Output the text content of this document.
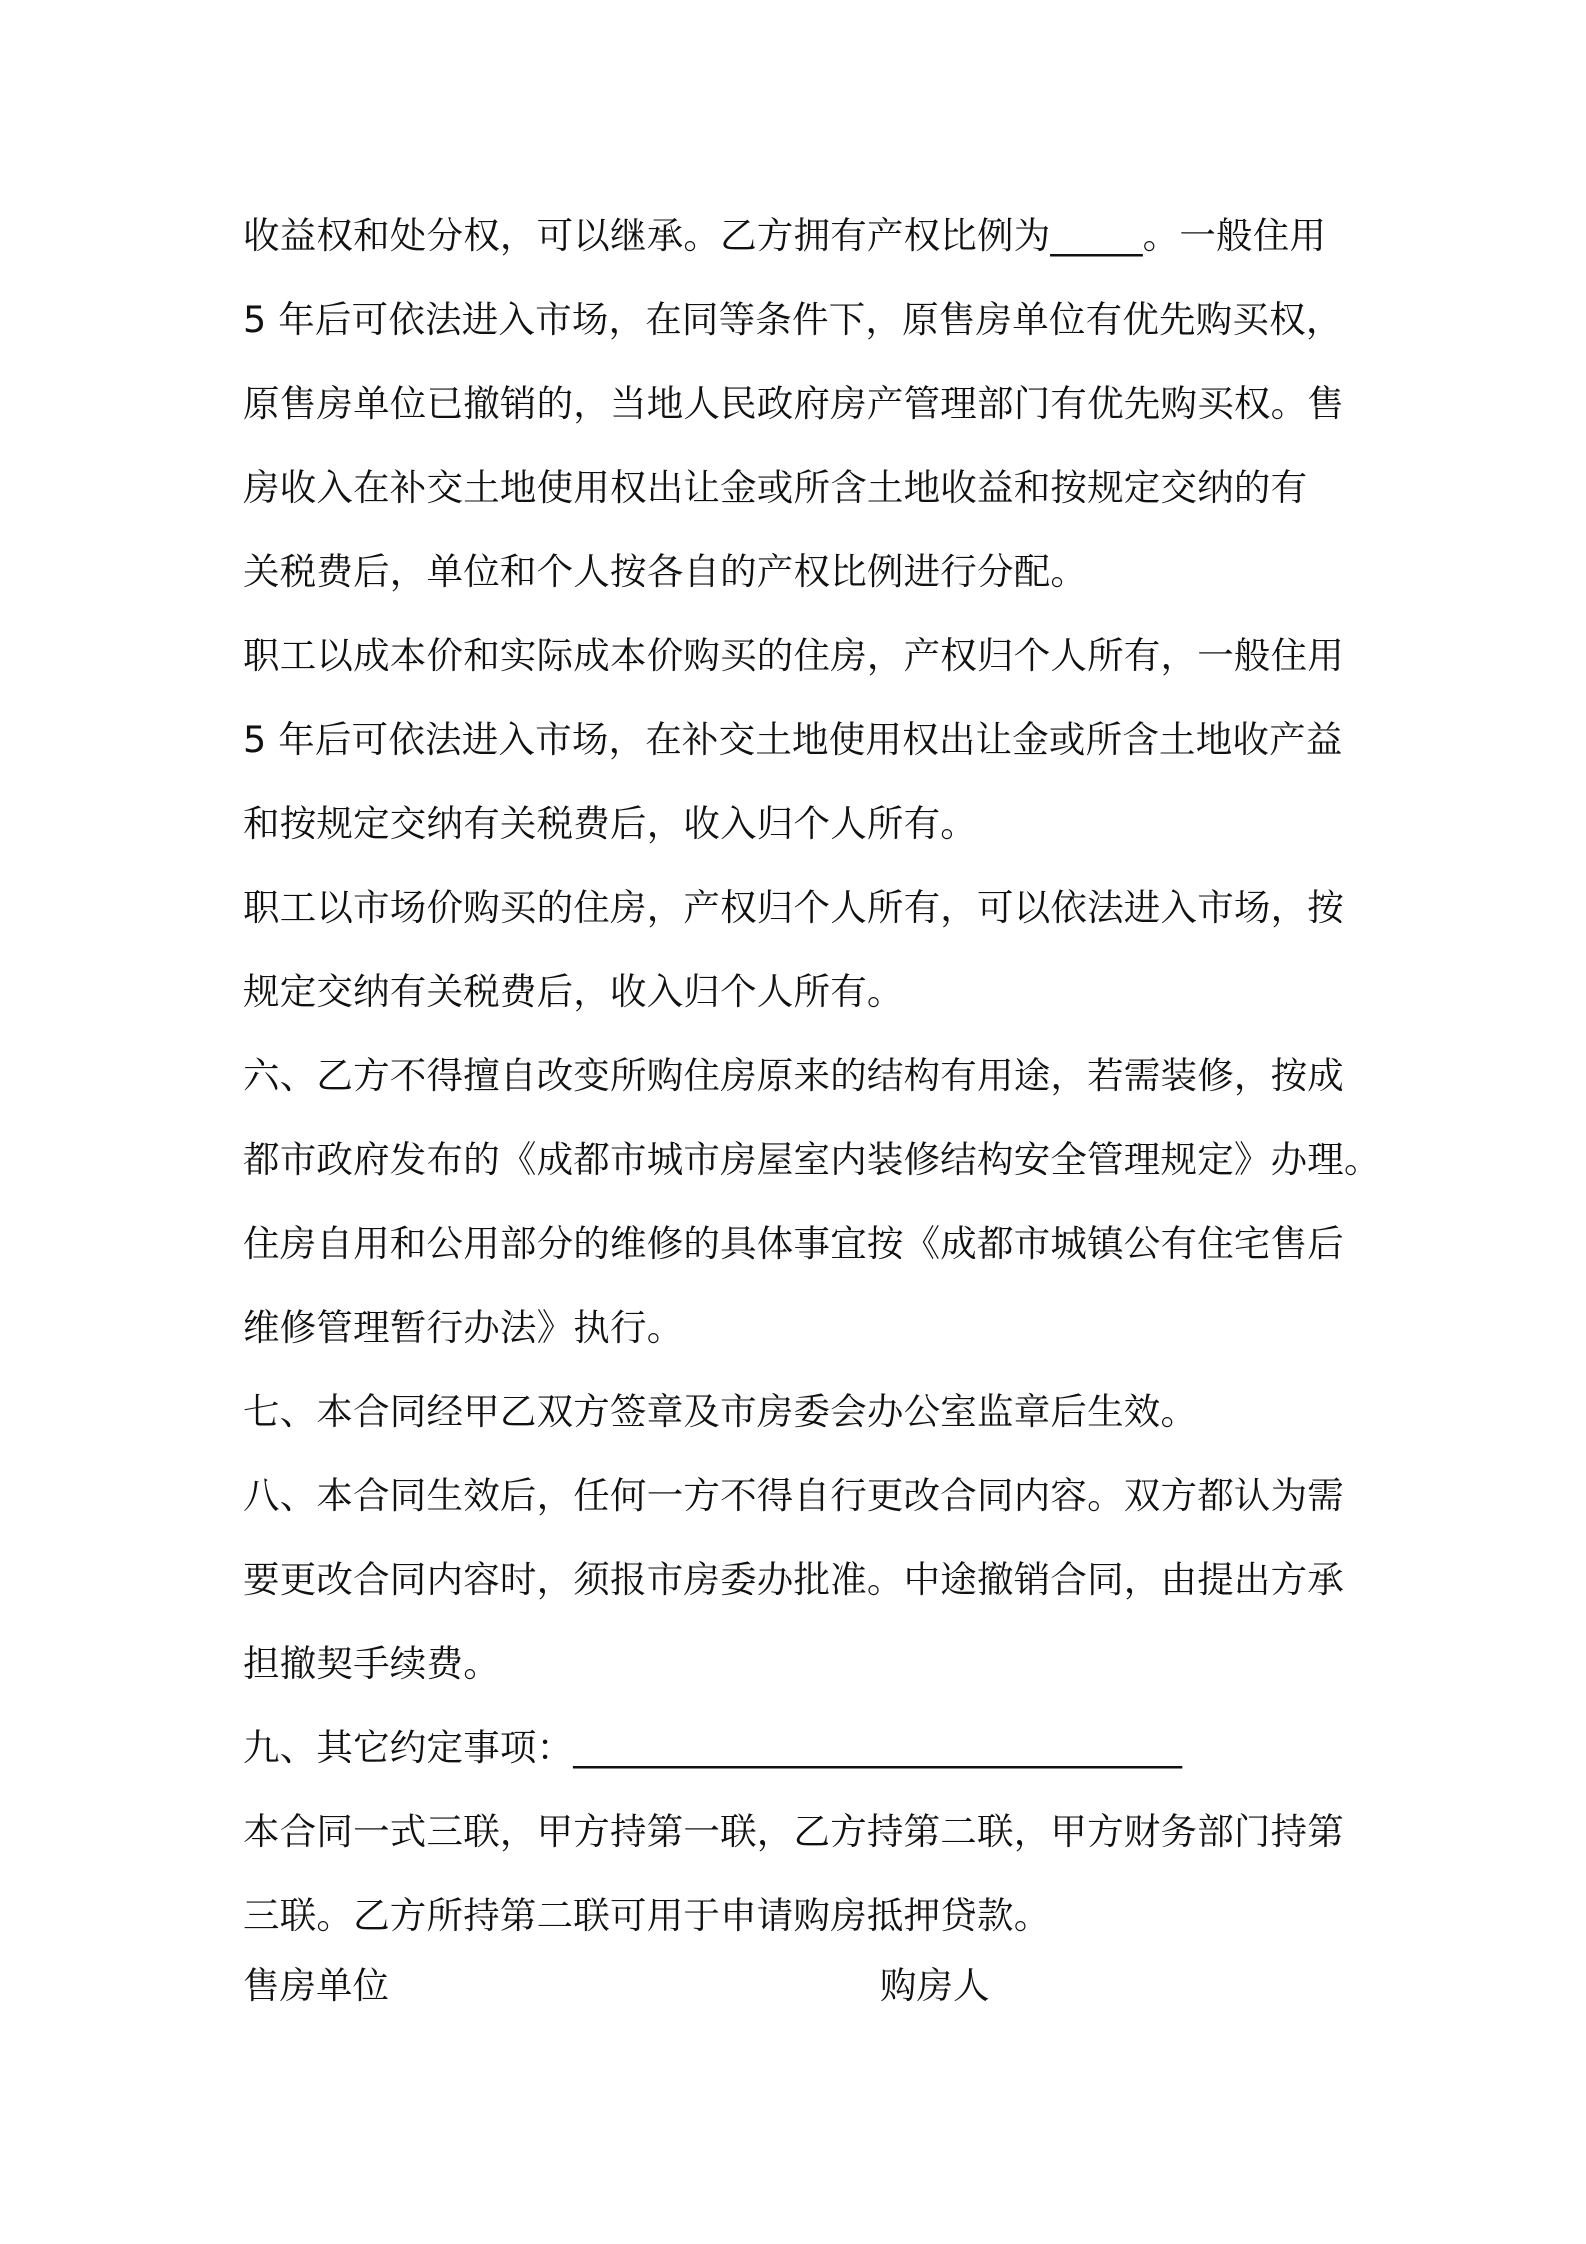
收益权和处分权，可以继承。乙方拥有产权比例为_____。一般住用
5 年后可依法进入市场，在同等条件下，原售房单位有优先购买权，
原售房单位已撤销的，当地人民政府房产管理部门有优先购买权。售
房收入在补交土地使用权出让金或所含土地收益和按规定交纳的有
关税费后，单位和个人按各自的产权比例进行分配。
职工以成本价和实际成本价购买的住房，产权归个人所有，一般住用
5 年后可依法进入市场，在补交土地使用权出让金或所含土地收产益
和按规定交纳有关税费后，收入归个人所有。
职工以市场价购买的住房，产权归个人所有，可以依法进入市场，按
规定交纳有关税费后，收入归个人所有。
六、乙方不得擅自改变所购住房原来的结构有用途，若需装修，按成
都市政府发布的《成都市城市房屋室内装修结构安全管理规定》办理。
住房自用和公用部分的维修的具体事宜按《成都市城镇公有住宅售后
维修管理暂行办法》执行。
七、本合同经甲乙双方签章及市房委会办公室监章后生效。
八、本合同生效后，任何一方不得自行更改合同内容。双方都认为需
要更改合同内容时，须报市房委办批准。中途撤销合同，由提出方承
担撤契手续费。
九、其它约定事项：_________________________________
本合同一式三联，甲方持第一联，乙方持第二联，甲方财务部门持第
三联。乙方所持第二联可用于申请购房抵押贷款。
售房单位	购房人
